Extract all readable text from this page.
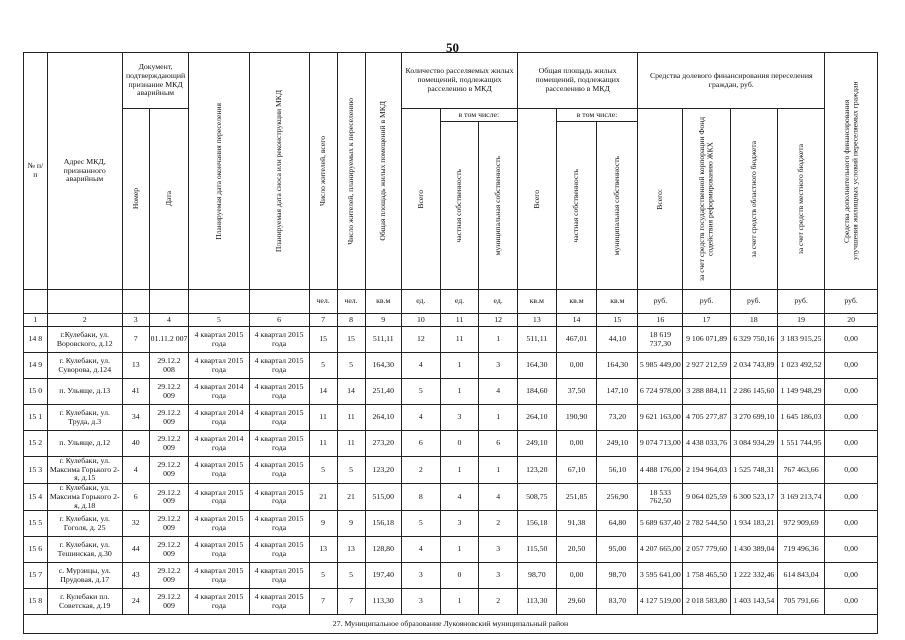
50
№ п/ п	Адрес МКД, признанного аварийным	Документ, подтверждающий признание МКД аварийным		Планируемая дата окончания переселения	Планируемая дата сноса или реконструкции МКД	Число жителей, всего	Число жителей, планируемых к переселению	Общая площадь жилых помещений в МКД	Количество расселяемых жилых помещений, подлежащих расселению в МКД			Общая площадь жилых помещений, подлежащих расселению в МКД			Средства долевого финансирования переселения граждан, руб.				Средства дополнительного финансирования улучшения жилищных условий переселяемых граждан

		Номер	Дата						Всего	в том числе:		Всего	в том числе:		Всего:	за счет средств государственной корпорации Фонд содействия реформированию ЖКХ	за счет средств областного бюджета	за счет средств местного бюджета	

										частная собственность	муниципальная собственность		частная собственность	муниципальная собственность					

						чел.	чел.	кв.м	ед.	ед.	ед.	кв.м	кв.м	кв.м	руб.	руб.	руб.	руб.	руб.
1	2	3	4	5	6	7	8	9	10	11	12	13	14	15	16	17	18	19	20
14 8	г.Кулебаки, ул. Воровского, д.12	7	01.11.2 007	4 квартал 2015 года	4 квартал 2015 года	15	15	511,11	12	11	1	511,11	467,01	44,10	18 619 737,30	9 106 071,89	6 329 750,16	3 183 915,25	0,00
14 9	г. Кулебаки, ул. Суворова, д.124	13	29.12.2 008	4 квартал 2015 года	4 квартал 2015 года	5	5	164,30	4	1	3	164,30	0,00	164,30	5 985 449,00	2 927 212,59	2 034 743,89	1 023 492,52	0,00
15 0	п. Ульяще, д.13	41	29.12.2 009	4 квартал 2014 года	4 квартал 2015 года	14	14	251,40	5	1	4	184,60	37,50	147,10	6 724 978,00	3 288 884,11	2 286 145,60	1 149 948,29	0,00
15 1	г. Кулебаки, ул. Труда, д.3	34	29.12.2 009	4 квартал 2014 года	4 квартал 2015 года	11	11	264,10	4	3	1	264,10	190,90	73,20	9 621 163,00	4 705 277,87	3 270 699,10	1 645 186,03	0,00
15 2	п. Ульяще, д.12	40	29.12.2 009	4 квартал 2014 года	4 квартал 2015 года	11	11	273,20	6	0	6	249,10	0,00	249,10	9 074 713,00	4 438 033,76	3 084 934,29	1 551 744,95	0,00
15 3	г. Кулебаки, ул. Максима Горького 2-я, д.15	4	29.12.2 009	4 квартал 2015 года	4 квартал 2015 года	5	5	123,20	2	1	1	123,20	67,10	56,10	4 488 176,00	2 194 964,03	1 525 748,31	767 463,66	0,00
15 4	г. Кулебаки, ул. Максима Горького 2-я, д.18	6	29.12.2 009	4 квартал 2015 года	4 квартал 2015 года	21	21	515,00	8	4	4	508,75	251,85	256,90	18 533 762,50	9 064 025,59	6 300 523,17	3 169 213,74	0,00
15 5	г. Кулебаки, ул. Гоголя, д. 25	32	29.12.2 009	4 квартал 2015 года	4 квартал 2015 года	9	9	156,18	5	3	2	156,18	91,38	64,80	5 689 637,40	2 782 544,50	1 934 183,21	972 909,69	0,00
15 6	г. Кулебаки, ул. Тешинская, д.30	44	29.12.2 009	4 квартал 2015 года	4 квартал 2015 года	13	13	128,80	4	1	3	115,50	20,50	95,00	4 207 665,00	2 057 779,60	1 430 389,04	719 496,36	0,00
15 7	с. Мурзицы, ул. Прудовая, д.17	43	29.12.2 009	4 квартал 2015 года	4 квартал 2015 года	5	5	197,40	3	0	3	98,70	0,00	98,70	3 595 641,00	1 758 465,50	1 222 332,46	614 843,04	0,00
15 8	г. Кулебаки пл. Советская, д.19	24	29.12.2 009	4 квартал 2015 года	4 квартал 2015 года	7	7	113,30	3	1	2	113,30	29,60	83,70	4 127 519,00	2 018 583,80	1 403 143,54	705 791,66	0,00
27. Муниципальное образование Лукояновский муниципальный район																			
